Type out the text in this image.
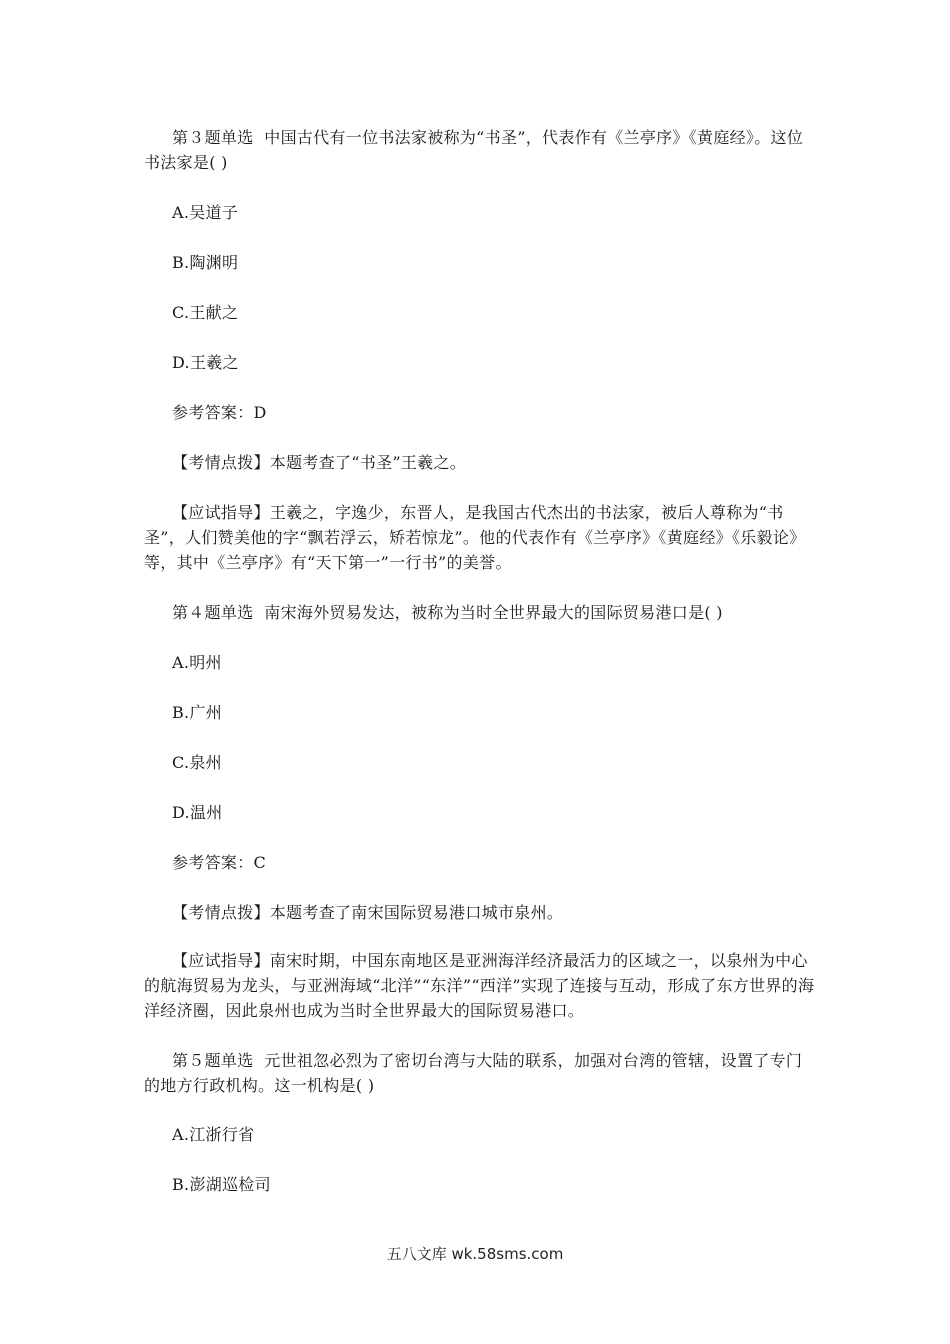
第３题单选  中国古代有一位书法家被称为“书圣”，代表作有《兰亭序》《黄庭经》。这位书法家是( )
A.吴道子
B.陶渊明
C.王献之
D.王羲之
参考答案：D
【考情点拨】本题考查了“书圣”王羲之。
【应试指导】王羲之，字逸少，东晋人，是我国古代杰出的书法家，被后人尊称为“书圣”，人们赞美他的字“飘若浮云，矫若惊龙”。他的代表作有《兰亭序》《黄庭经》《乐毅论》等，其中《兰亭序》有“天下第一”一行书”的美誉。
第４题单选  南宋海外贸易发达，被称为当时全世界最大的国际贸易港口是( )
A.明州
B.广州
C.泉州
D.温州
参考答案：C
【考情点拨】本题考查了南宋国际贸易港口城市泉州。
【应试指导】南宋时期，中国东南地区是亚洲海洋经济最活力的区域之一，以泉州为中心的航海贸易为龙头，与亚洲海域“北洋”“东洋”“西洋”实现了连接与互动，形成了东方世界的海洋经济圈，因此泉州也成为当时全世界最大的国际贸易港口。
第５题单选  元世祖忽必烈为了密切台湾与大陆的联系，加强对台湾的管辖，设置了专门的地方行政机构。这一机构是( )
A.江浙行省
B.澎湖巡检司
五八文库 wk.58sms.com
